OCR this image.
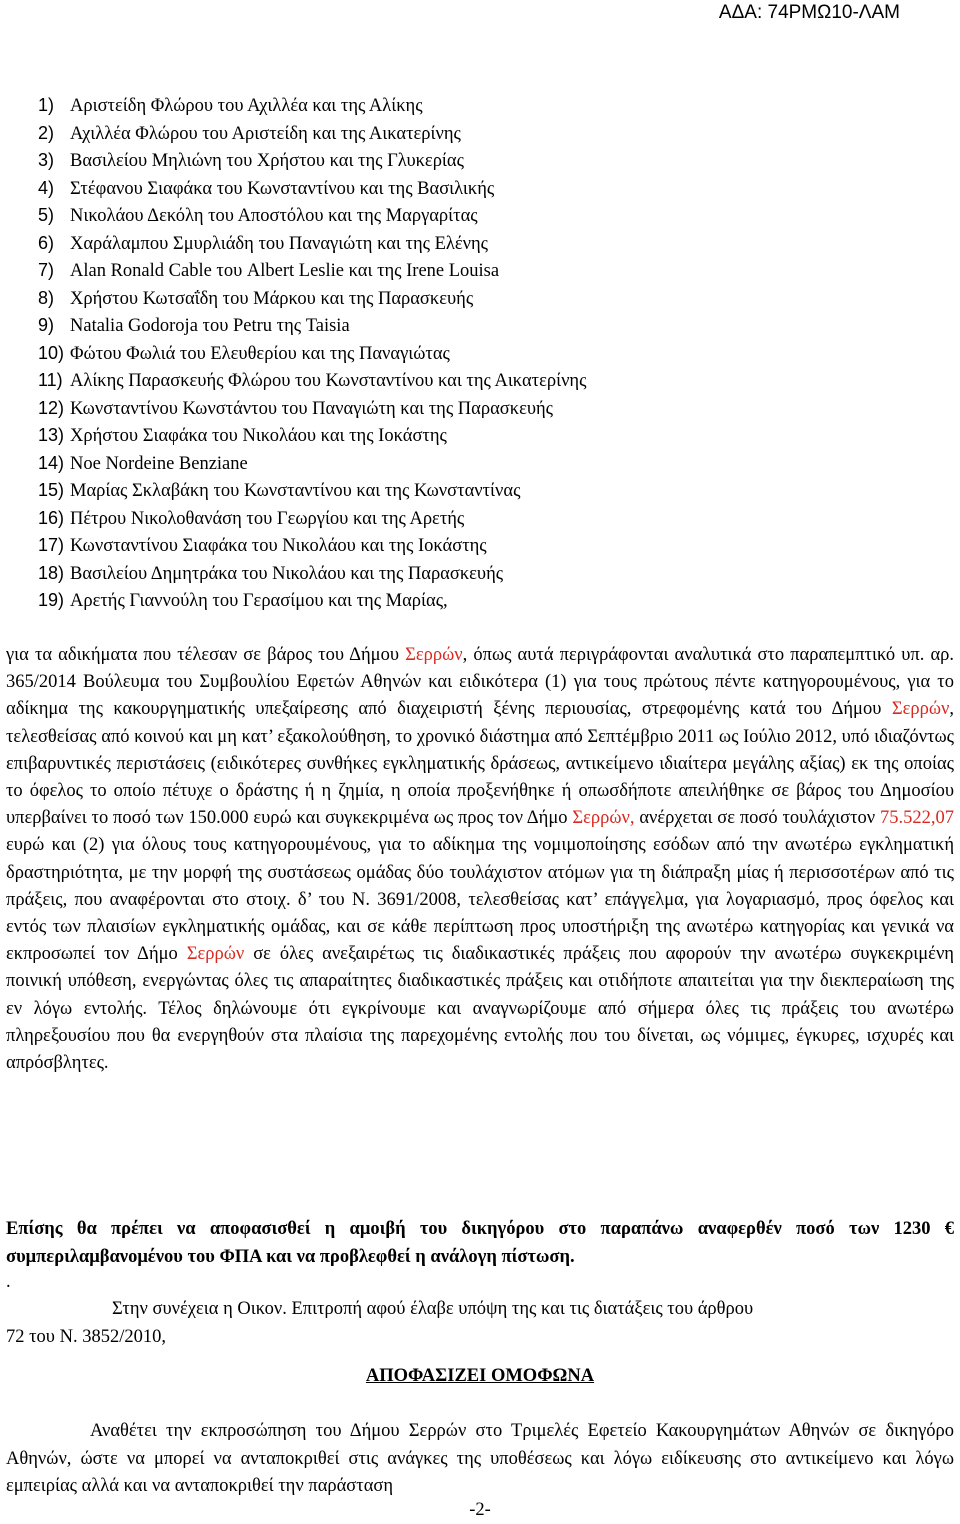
ΑΔΑ: 74ΡΜΩ10-ΛΑΜ
1) Αριστείδη Φλώρου του Αχιλλέα και της Αλίκης
2) Αχιλλέα Φλώρου του Αριστείδη και της Αικατερίνης
3) Βασιλείου Μηλιώνη του Χρήστου και της Γλυκερίας
4) Στέφανου Σιαφάκα του Κωνσταντίνου και της Βασιλικής
5) Νικολάου Δεκόλη του Αποστόλου και της Μαργαρίτας
6) Χαράλαμπου Σμυρλιάδη του Παναγιώτη και της Ελένης
7) Alan Ronald Cable του Albert Leslie και της Irene Louisa
8) Χρήστου Κωτσαΐδη του Μάρκου και της Παρασκευής
9) Natalia Godoroja του Petru της Taisia
10) Φώτου Φωλιά του Ελευθερίου και της Παναγιώτας
11) Αλίκης Παρασκευής Φλώρου του Κωνσταντίνου και της Αικατερίνης
12) Κωνσταντίνου Κωνστάντου του Παναγιώτη και της Παρασκευής
13) Χρήστου Σιαφάκα του Νικολάου και της Ιοκάστης
14) Noe Nordeine Benziane
15) Μαρίας Σκλαβάκη του Κωνσταντίνου και της Κωνσταντίνας
16) Πέτρου Νικολοθανάση του Γεωργίου και της Αρετής
17) Κωνσταντίνου Σιαφάκα του Νικολάου και της Ιοκάστης
18) Βασιλείου Δημητράκα του Νικολάου και της Παρασκευής
19) Αρετής Γιαννούλη του Γερασίμου και της Μαρίας,
για τα αδικήματα που τέλεσαν σε βάρος του Δήμου Σερρών, όπως αυτά περιγράφονται αναλυτικά στο παραπεμπτικό υπ. αρ. 365/2014 Βούλευμα του Συμβουλίου Εφετών Αθηνών και ειδικότερα (1) για τους πρώτους πέντε κατηγορουμένους, για το αδίκημα της κακουργηματικής υπεξαίρεσης από διαχειριστή ξένης περιουσίας, στρεφομένης κατά του Δήμου Σερρών, τελεσθείσας από κοινού και μη κατ’ εξακολούθηση, το χρονικό διάστημα από Σεπτέμβριο 2011 ως Ιούλιο 2012, υπό ιδιαζόντως επιβαρυντικές περιστάσεις (ειδικότερες συνθήκες εγκληματικής δράσεως, αντικείμενο ιδιαίτερα μεγάλης αξίας) εκ της οποίας το όφελος το οποίο πέτυχε ο δράστης ή η ζημία, η οποία προξενήθηκε ή οπωσδήποτε απειλήθηκε σε βάρος του Δημοσίου υπερβαίνει το ποσό των 150.000 ευρώ και συγκεκριμένα ως προς τον Δήμο Σερρών, ανέρχεται σε ποσό τουλάχιστον 75.522,07 ευρώ και (2) για όλους τους κατηγορουμένους, για το αδίκημα της νομιμοποίησης εσόδων από την ανωτέρω εγκληματική δραστηριότητα, με την μορφή της συστάσεως ομάδας δύο τουλάχιστον ατόμων για τη διάπραξη μίας ή περισσοτέρων από τις πράξεις, που αναφέρονται στο στοιχ. δ’ του Ν. 3691/2008, τελεσθείσας κατ’ επάγγελμα, για λογαριασμό, προς όφελος και εντός των πλαισίων εγκληματικής ομάδας, και σε κάθε περίπτωση προς υποστήριξη της ανωτέρω κατηγορίας και γενικά να εκπροσωπεί τον Δήμο Σερρών σε όλες ανεξαιρέτως τις διαδικαστικές πράξεις που αφορούν την ανωτέρω συγκεκριμένη ποινική υπόθεση, ενεργώντας όλες τις απαραίτητες διαδικαστικές πράξεις και οτιδήποτε απαιτείται για την διεκπεραίωση της εν λόγω εντολής. Τέλος δηλώνουμε ότι εγκρίνουμε και αναγνωρίζουμε από σήμερα όλες τις πράξεις του ανωτέρω πληρεξουσίου που θα ενεργηθούν στα πλαίσια της παρεχομένης εντολής που του δίνεται, ως νόμιμες, έγκυρες, ισχυρές και απρόσβλητες.
Επίσης θα πρέπει να αποφασισθεί η αμοιβή του δικηγόρου στο παραπάνω αναφερθέν ποσό των 1230 € συμπεριλαμβανομένου του ΦΠΑ και να προβλεφθεί η ανάλογη πίστωση.
.
Στην συνέχεια η Οικον. Επιτροπή αφού έλαβε υπόψη της και τις διατάξεις του άρθρου
72 του Ν. 3852/2010,
ΑΠΟΦΑΣΙΖΕΙ ΟΜΟΦΩΝΑ
Αναθέτει την εκπροσώπηση του Δήμου Σερρών στο Τριμελές Εφετείο Κακουργημάτων Αθηνών σε δικηγόρο Αθηνών, ώστε να μπορεί να ανταποκριθεί στις ανάγκες της υποθέσεως και λόγω ειδίκευσης στο αντικείμενο και λόγω εμπειρίας αλλά και να ανταποκριθεί την παράσταση
-2-
